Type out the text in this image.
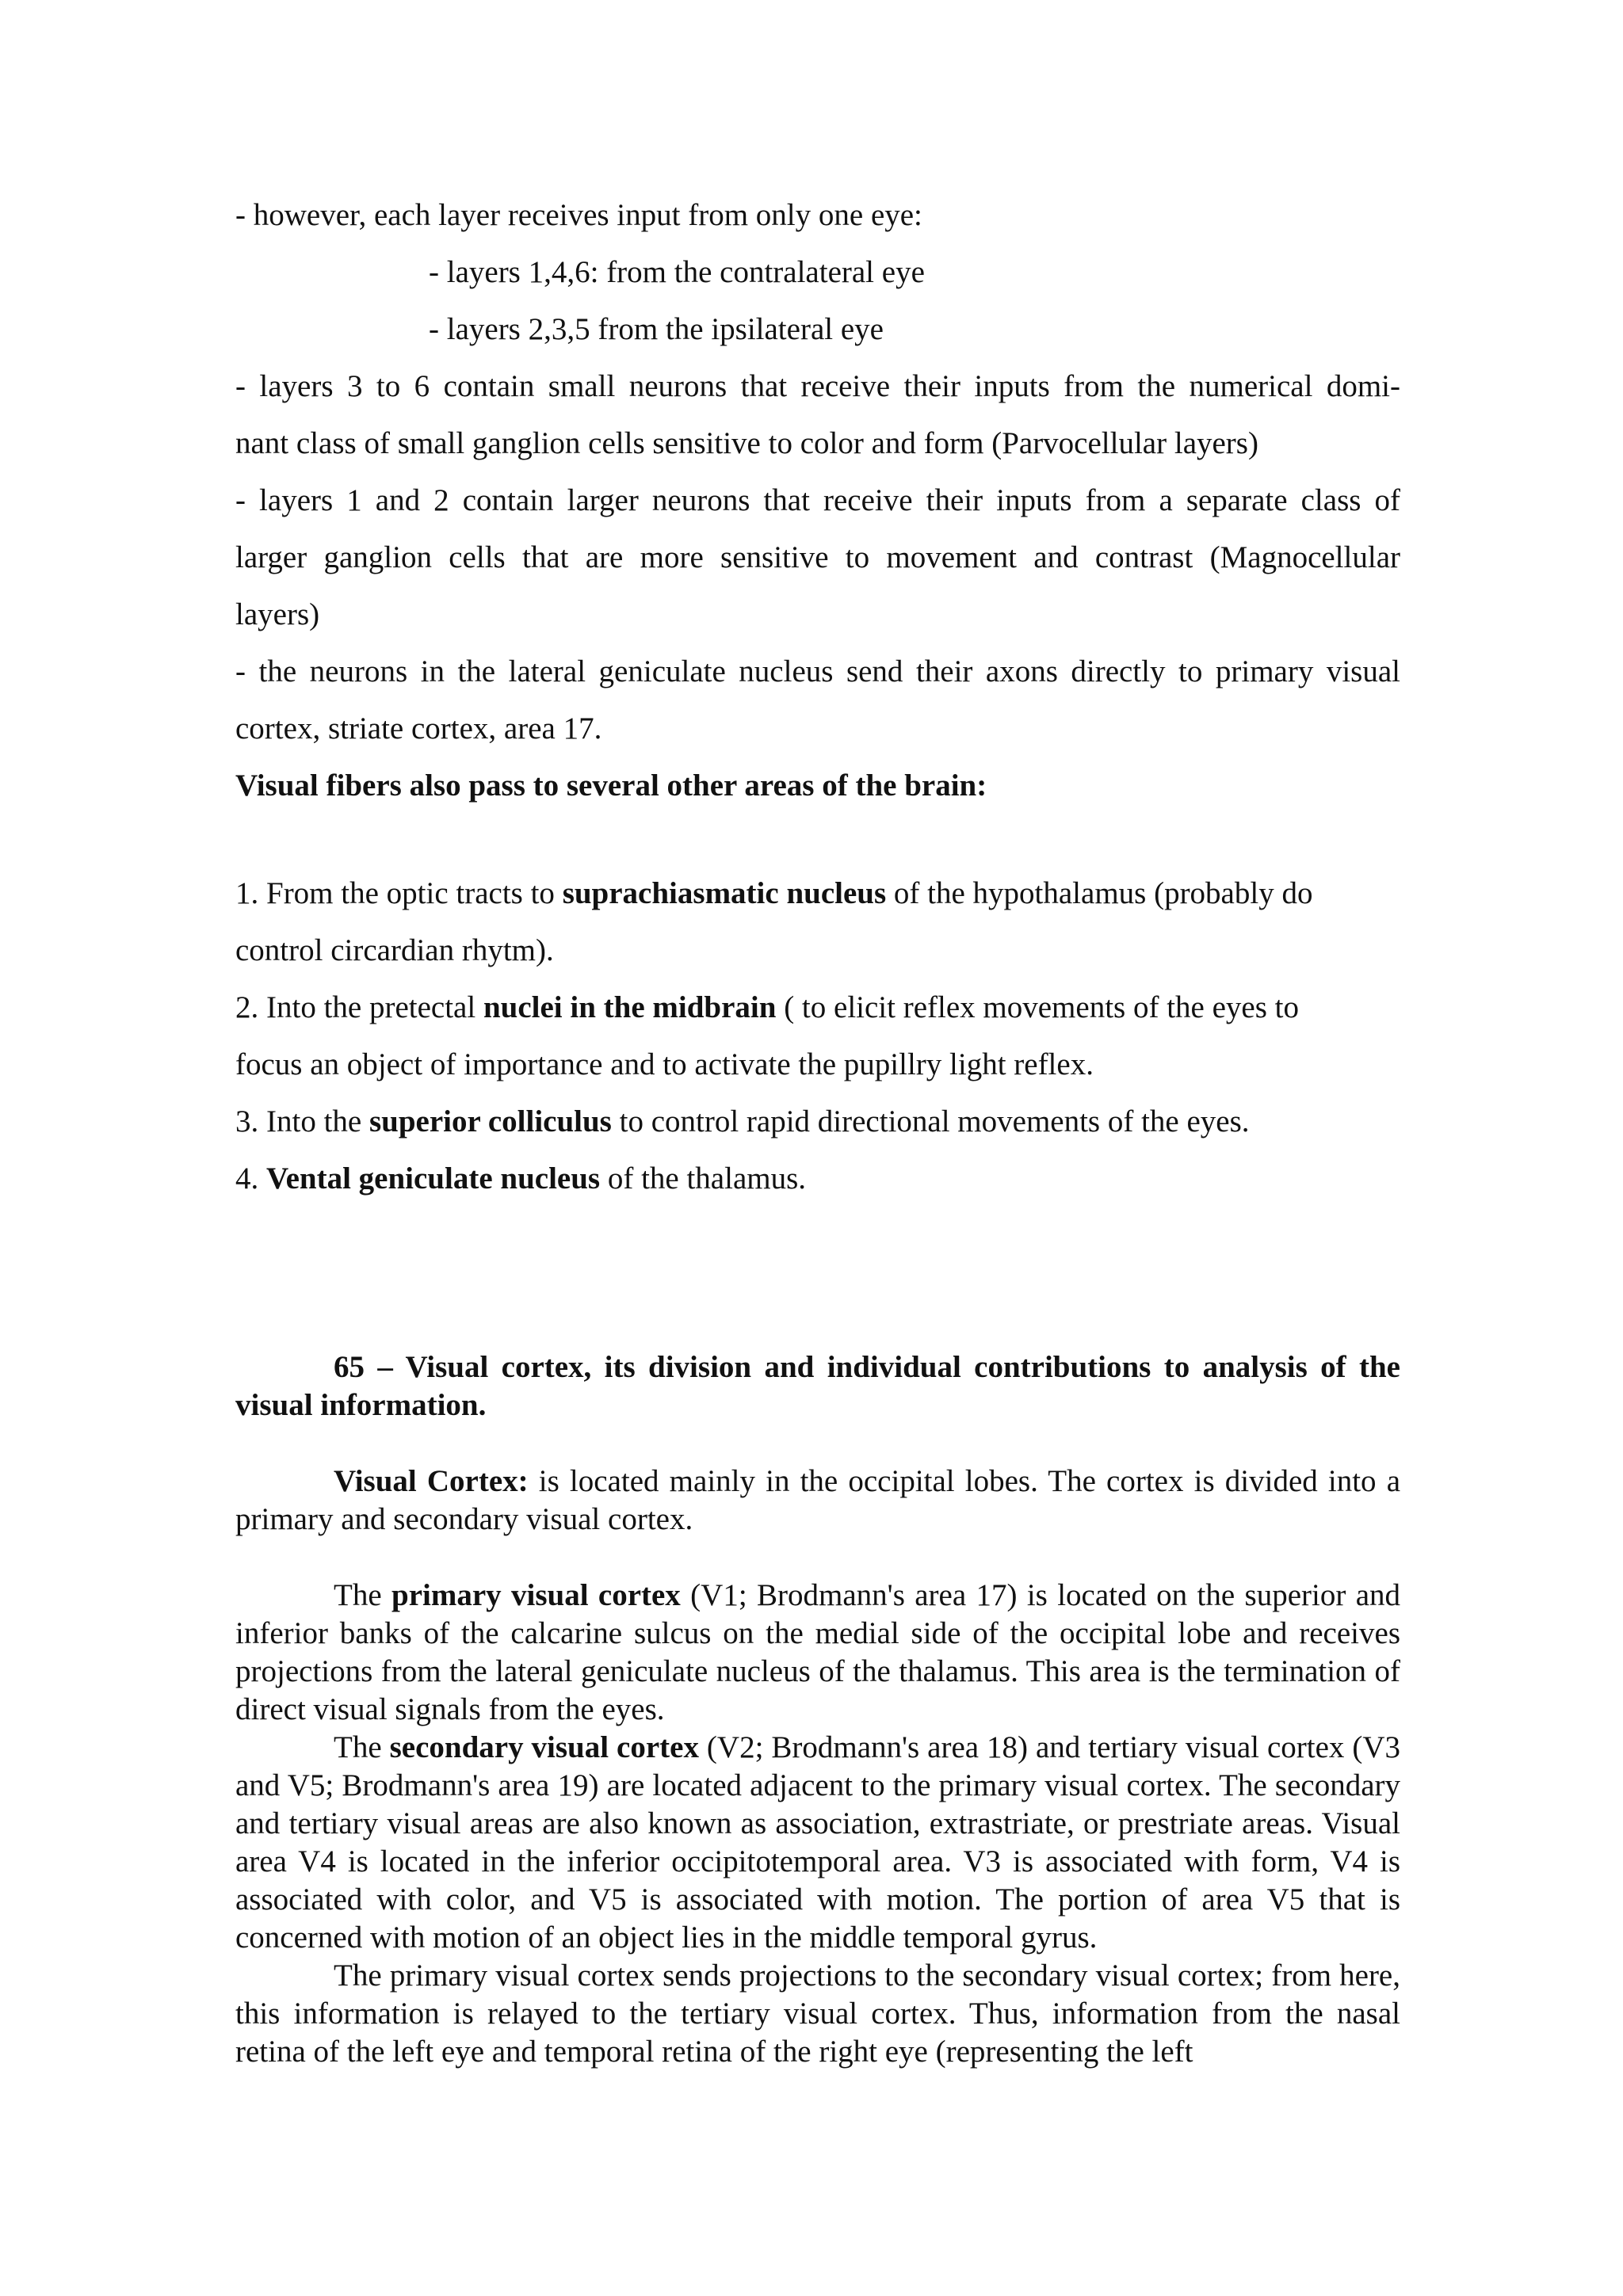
- however, each layer receives input from only one eye:
- layers 1,4,6: from the contralateral eye
- layers 2,3,5 from the ipsilateral eye
- layers 3 to 6 contain small neurons that receive their inputs from the numerical domi-
nant class of small ganglion cells sensitive to color and form (Parvocellular layers)
- layers 1 and 2 contain larger neurons that receive their inputs from a separate class of
larger ganglion cells that are more sensitive to movement and contrast (Magnocellular
layers)
- the neurons in the lateral geniculate nucleus send their axons directly to primary visual
cortex, striate cortex, area 17.
Visual fibers also pass to several other areas of the brain:
1. From the optic tracts to suprachiasmatic nucleus of the hypothalamus (probably do
control circardian rhytm).
2. Into the pretectal nuclei in the midbrain ( to elicit reflex movements of the eyes to
focus an object of importance and to activate the pupillry light reflex.
3. Into the superior colliculus to control rapid directional movements of the eyes.
4. Vental geniculate nucleus of the thalamus.

65 – Visual cortex, its division and individual contributions to analysis of the visual information.

Visual Cortex: is located mainly in the occipital lobes. The cortex is divided into a primary and secondary visual cortex.

The primary visual cortex (V1; Brodmann's area 17) is located on the superior and inferior banks of the calcarine sulcus on the medial side of the occipital lobe and receives projections from the lateral geniculate nucleus of the thalamus. This area is the termination of direct visual signals from the eyes.

The secondary visual cortex (V2; Brodmann's area 18) and tertiary visual cortex (V3 and V5; Brodmann's area 19) are located adjacent to the primary visual cortex. The secondary and tertiary visual areas are also known as association, extrastriate, or prestriate areas. Visual area V4 is located in the inferior occipitotemporal area. V3 is associated with form, V4 is associated with color, and V5 is associated with motion. The portion of area V5 that is concerned with motion of an object lies in the middle temporal gyrus.

The primary visual cortex sends projections to the secondary visual cortex; from here, this information is relayed to the tertiary visual cortex. Thus, information from the nasal retina of the left eye and temporal retina of the right eye (representing the left
